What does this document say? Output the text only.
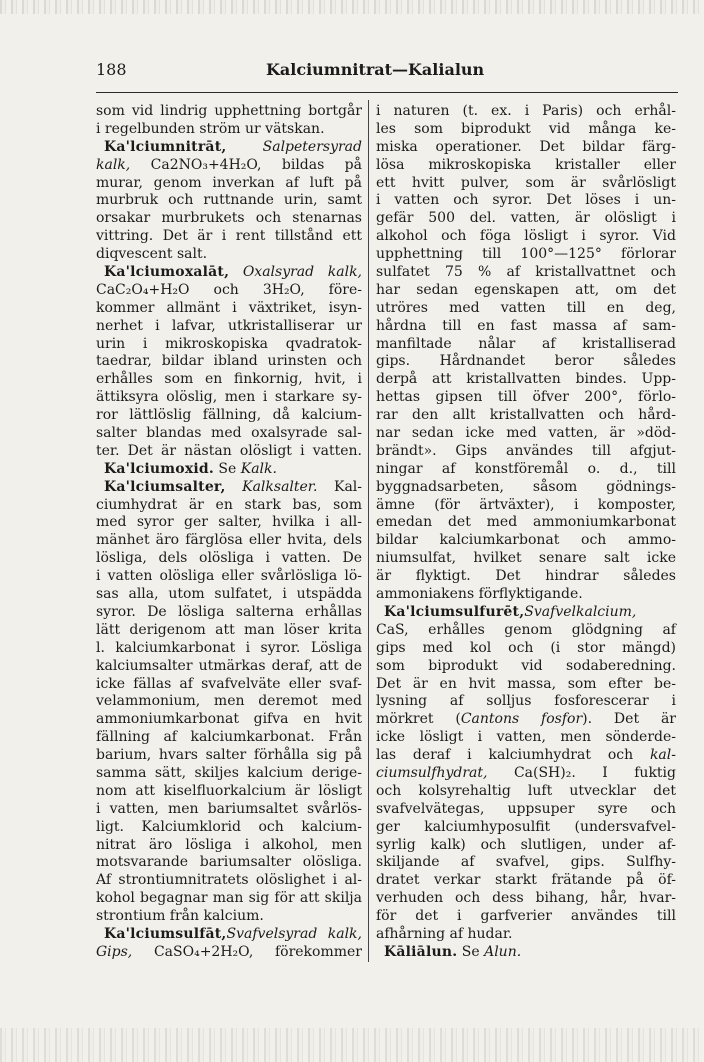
188	Kalciumnitrat—Kalialun
som vid lindrig upphettning bortgår
i regelbunden ström ur vätskan.
Ka'lciumnitrāt,	Salpetersyrad
kalk, Ca2NO₃+4H₂O, bildas på
murar, genom inverkan af luft på
murbruk och ruttnande urin, samt
orsakar murbrukets och stenarnas
vittring. Det är i rent tillstånd ett
diqvescent salt.
Ka'lciumoxalāt, Oxalsyrad kalk,
CaC₂O₄+H₂O och 3H₂O, före-
kommer allmänt i växtriket, isyn-
nerhet i lafvar, utkristalliserar ur
urin i mikroskopiska qvadratok-
taedrar, bildar ibland urinsten och
erhålles som en finkornig, hvit, i
ättiksyra olöslig, men i starkare sy-
ror lättlöslig fällning, då kalcium-
salter blandas med oxalsyrade sal-
ter. Det är nästan olösligt i vatten.
Ka'lciumoxid. Se Kalk.
Ka'lciumsalter, Kalksalter. Kal-
ciumhydrat är en stark bas, som
med syror ger salter, hvilka i all-
mänhet äro färglösa eller hvita, dels
lösliga, dels olösliga i vatten. De
i vatten olösliga eller svårlösliga lö-
sas alla, utom sulfatet, i utspädda
syror. De lösliga salterna erhållas
lätt derigenom att man löser krita
l. kalciumkarbonat i syror. Lösliga
kalciumsalter utmärkas deraf, att de
icke fällas af svafvelväte eller svaf-
velammonium, men deremot med
ammoniumkarbonat gifva en hvit
fällning af kalciumkarbonat. Från
barium, hvars salter förhålla sig på
samma sätt, skiljes kalcium derige-
nom att kiselfluorkalcium är lösligt
i vatten, men bariumsaltet svårlös-
ligt. Kalciumklorid och kalcium-
nitrat äro lösliga i alkohol, men
motsvarande bariumsalter olösliga.
Af strontiumnitratets olöslighet i al-
kohol begagnar man sig för att skilja
strontium från kalcium.
Ka'lciumsulfāt,Svafvelsyrad kalk,
Gips, CaSO₄+2H₂O, förekommer
i naturen (t. ex. i Paris) och erhål-
les som biprodukt vid många ke-
miska operationer. Det bildar färg-
lösa mikroskopiska kristaller eller
ett hvitt pulver, som är svårlösligt
i vatten och syror. Det löses i un-
gefär 500 del. vatten, är olösligt i
alkohol och föga lösligt i syror. Vid
upphettning till 100°—125° förlorar
sulfatet 75 % af kristallvattnet och
har sedan egenskapen att, om det
utröres med vatten till en deg,
hårdna till en fast massa af sam-
manfiltade nålar af kristalliserad
gips. Hårdnandet beror således
derpå att kristallvatten bindes. Upp-
hettas gipsen till öfver 200°, förlo-
rar den allt kristallvatten och hård-
nar sedan icke med vatten, är »död-
brändt». Gips användes till afgjut-
ningar af konstföremål o. d., till
byggnadsarbeten, såsom gödnings-
ämne (för ärtväxter), i komposter,
emedan det med ammoniumkarbonat
bildar kalciumkarbonat och ammo-
niumsulfat, hvilket senare salt icke
är flyktigt. Det hindrar således
ammoniakens förflyktigande.
Ka'lciumsulfurēt,Svafvelkalcium,
CaS, erhålles genom glödgning af
gips med kol och (i stor mängd)
som biprodukt vid sodaberedning.
Det är en hvit massa, som efter be-
lysning af solljus fosforescerar i
mörkret (Cantons fosfor). Det är
icke lösligt i vatten, men sönderde-
las deraf i kalciumhydrat och kal-
ciumsulfhydrat, Ca(SH)₂. I fuktig
och kolsyrehaltig luft utvecklar det
svafvelvätegas, uppsuper syre och
ger kalciumhyposulfit (undersvafvel-
syrlig kalk) och slutligen, under af-
skiljande af svafvel, gips. Sulfhy-
dratet verkar starkt frätande på öf-
verhuden och dess bihang, hår, hvar-
för det i garfverier användes till
afhårning af hudar.
Kāliālun. Se Alun.
